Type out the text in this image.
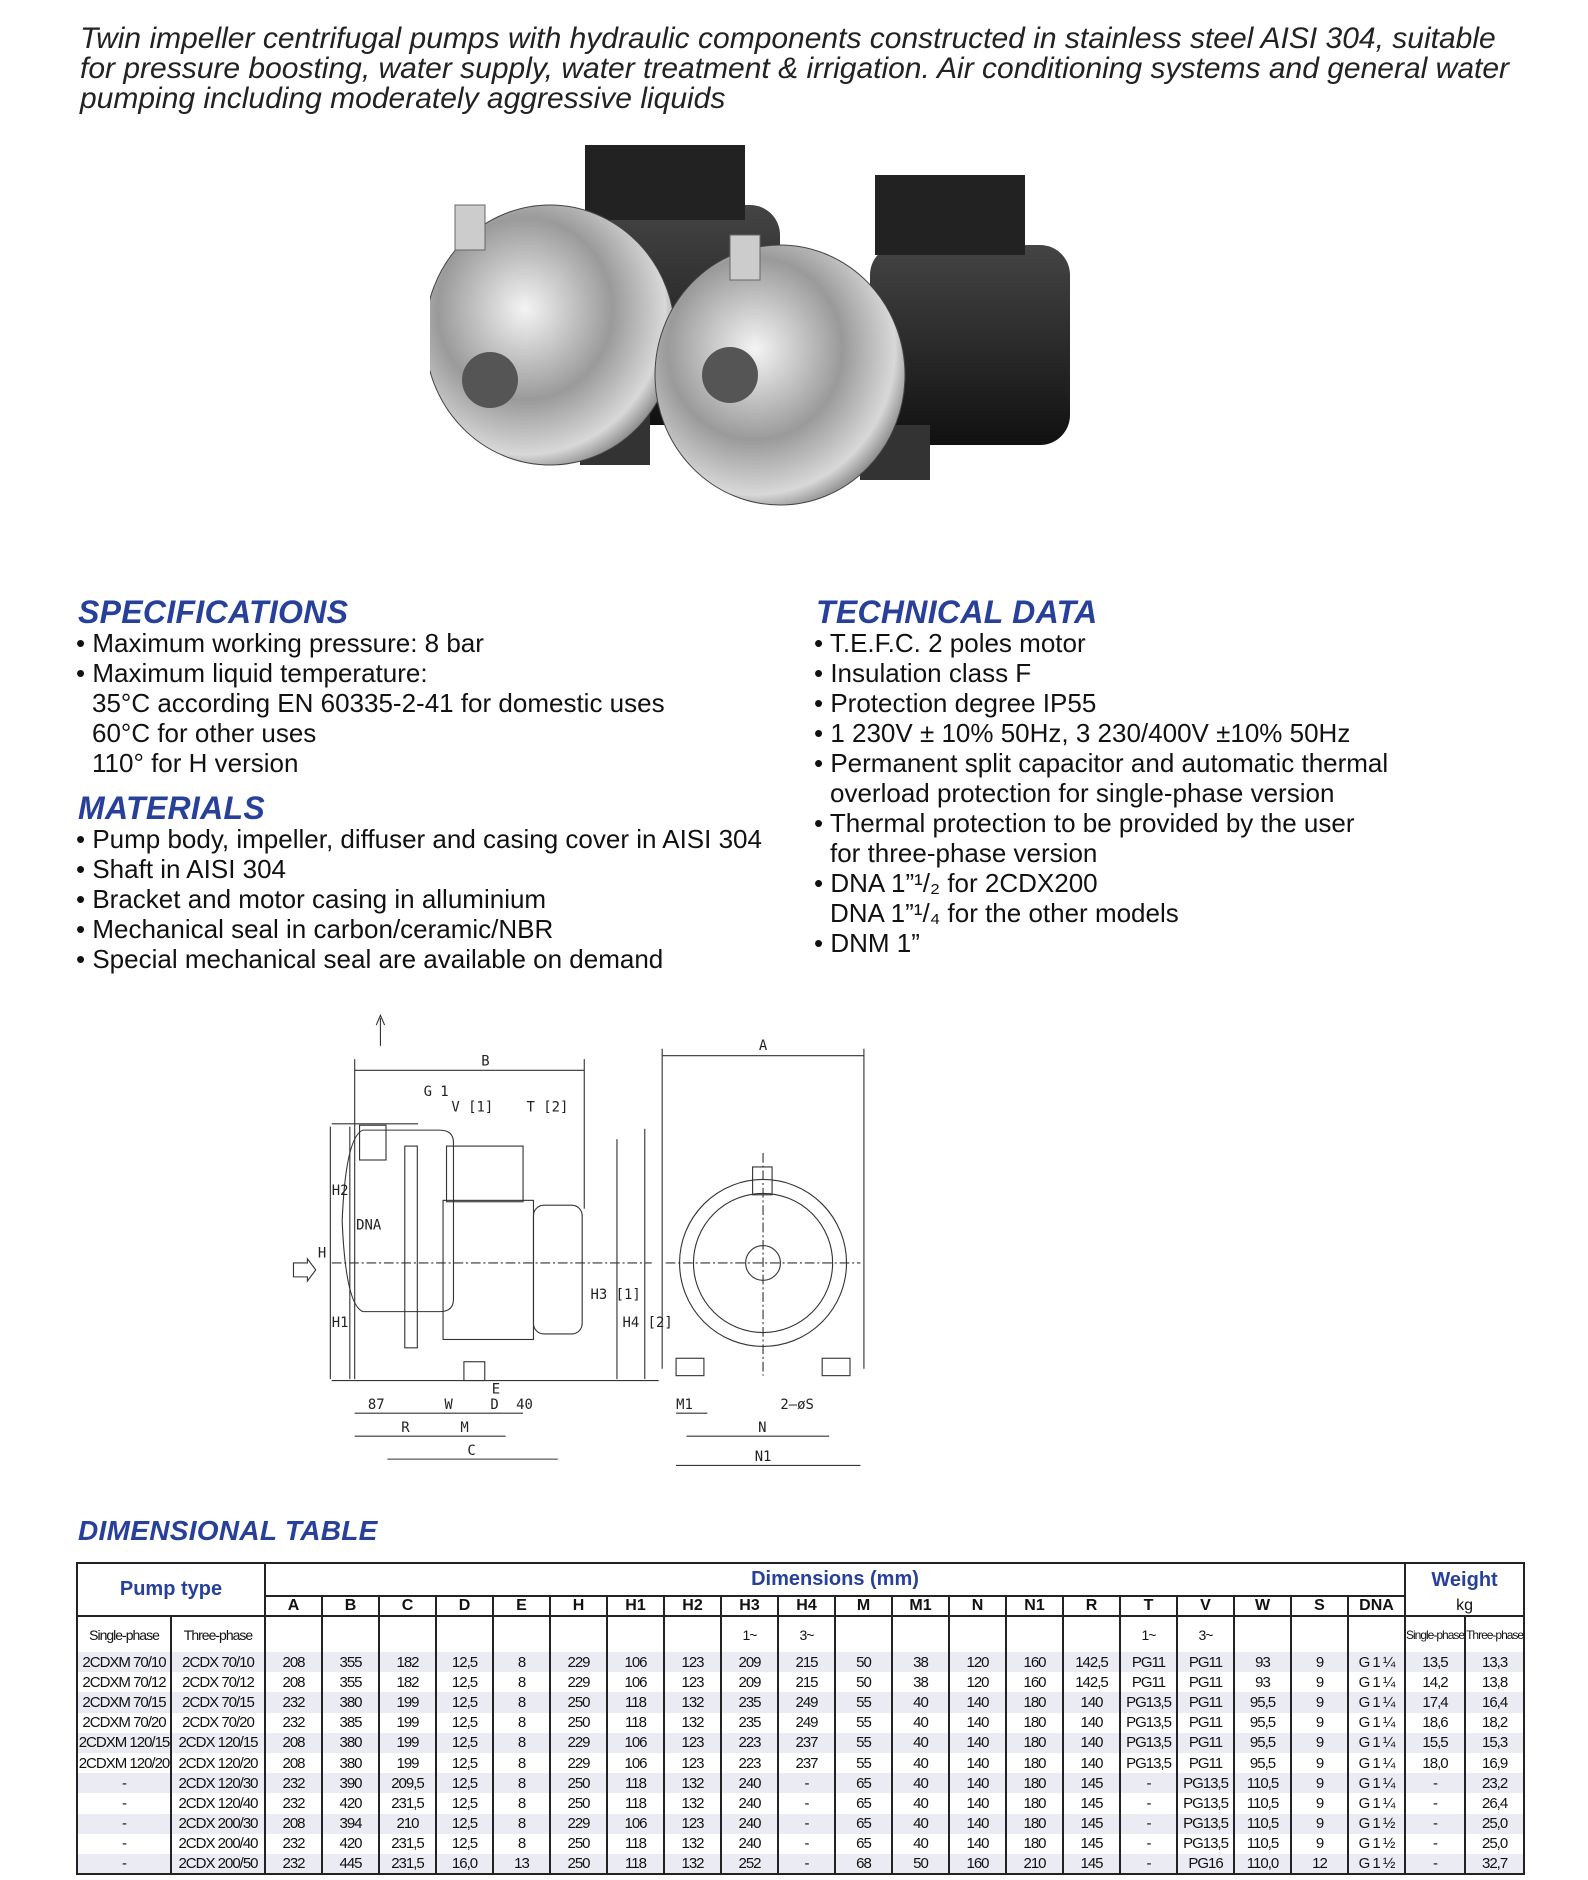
Twin impeller centrifugal pumps with hydraulic components constructed in stainless steel AISI 304, suitable for pressure boosting, water supply, water treatment & irrigation. Air conditioning systems and general water pumping including moderately aggressive liquids
SPECIFICATIONS
• Maximum working pressure: 8 bar
• Maximum liquid temperature:
35°C according EN 60335-2-41 for domestic uses
60°C for other uses
110° for H version
MATERIALS
• Pump body, impeller, diffuser and casing cover in AISI 304
• Shaft in AISI 304
• Bracket and motor casing in alluminium
• Mechanical seal in carbon/ceramic/NBR
• Special mechanical seal are available on demand
TECHNICAL DATA
• T.E.F.C. 2 poles motor
• Insulation class F
• Protection degree IP55
• 1 230V ± 10% 50Hz, 3 230/400V ±10% 50Hz
• Permanent split capacitor and automatic thermal
overload protection for single-phase version
• Thermal protection to be provided by the user
for three-phase version
• DNA 1”¹/₂ for 2CDX200
DNA 1”¹/₄ for the other models
• DNM 1”
B
G 1
V [1] T [2]
H
H1
H2
DNA
H3 [1]
H4 [2]
87	W D
E
40
R	M
C
A
M1	2–øS
N
N1
DIMENSIONAL TABLE
Pump type		Dimensions (mm)																				Weight	
		A	B	C	D	E	H	H1	H2	H3	H4	M	M1	N	N1	R	T	V	W	S	DNA	kg	
Single-phase	Three-phase									1~	3~						1~	3~				Single-phase	Three-phase
2CDXM 70/10	2CDX 70/10	208	355	182	12,5	8	229	106	123	209	215	50	38	120	160	142,5	PG11	PG11	93	9	G 1 ¼	13,5	13,3
2CDXM 70/12	2CDX 70/12	208	355	182	12,5	8	229	106	123	209	215	50	38	120	160	142,5	PG11	PG11	93	9	G 1 ¼	14,2	13,8
2CDXM 70/15	2CDX 70/15	232	380	199	12,5	8	250	118	132	235	249	55	40	140	180	140	PG13,5	PG11	95,5	9	G 1 ¼	17,4	16,4
2CDXM 70/20	2CDX 70/20	232	385	199	12,5	8	250	118	132	235	249	55	40	140	180	140	PG13,5	PG11	95,5	9	G 1 ¼	18,6	18,2
2CDXM 120/15	2CDX 120/15	208	380	199	12,5	8	229	106	123	223	237	55	40	140	180	140	PG13,5	PG11	95,5	9	G 1 ¼	15,5	15,3
2CDXM 120/20	2CDX 120/20	208	380	199	12,5	8	229	106	123	223	237	55	40	140	180	140	PG13,5	PG11	95,5	9	G 1 ¼	18,0	16,9
-	2CDX 120/30	232	390	209,5	12,5	8	250	118	132	240	-	65	40	140	180	145	-	PG13,5	110,5	9	G 1 ¼	-	23,2
-	2CDX 120/40	232	420	231,5	12,5	8	250	118	132	240	-	65	40	140	180	145	-	PG13,5	110,5	9	G 1 ¼	-	26,4
-	2CDX 200/30	208	394	210	12,5	8	229	106	123	240	-	65	40	140	180	145	-	PG13,5	110,5	9	G 1 ½	-	25,0
-	2CDX 200/40	232	420	231,5	12,5	8	250	118	132	240	-	65	40	140	180	145	-	PG13,5	110,5	9	G 1 ½	-	25,0
-	2CDX 200/50	232	445	231,5	16,0	13	250	118	132	252	-	68	50	160	210	145	-	PG16	110,0	12	G 1 ½	-	32,7
